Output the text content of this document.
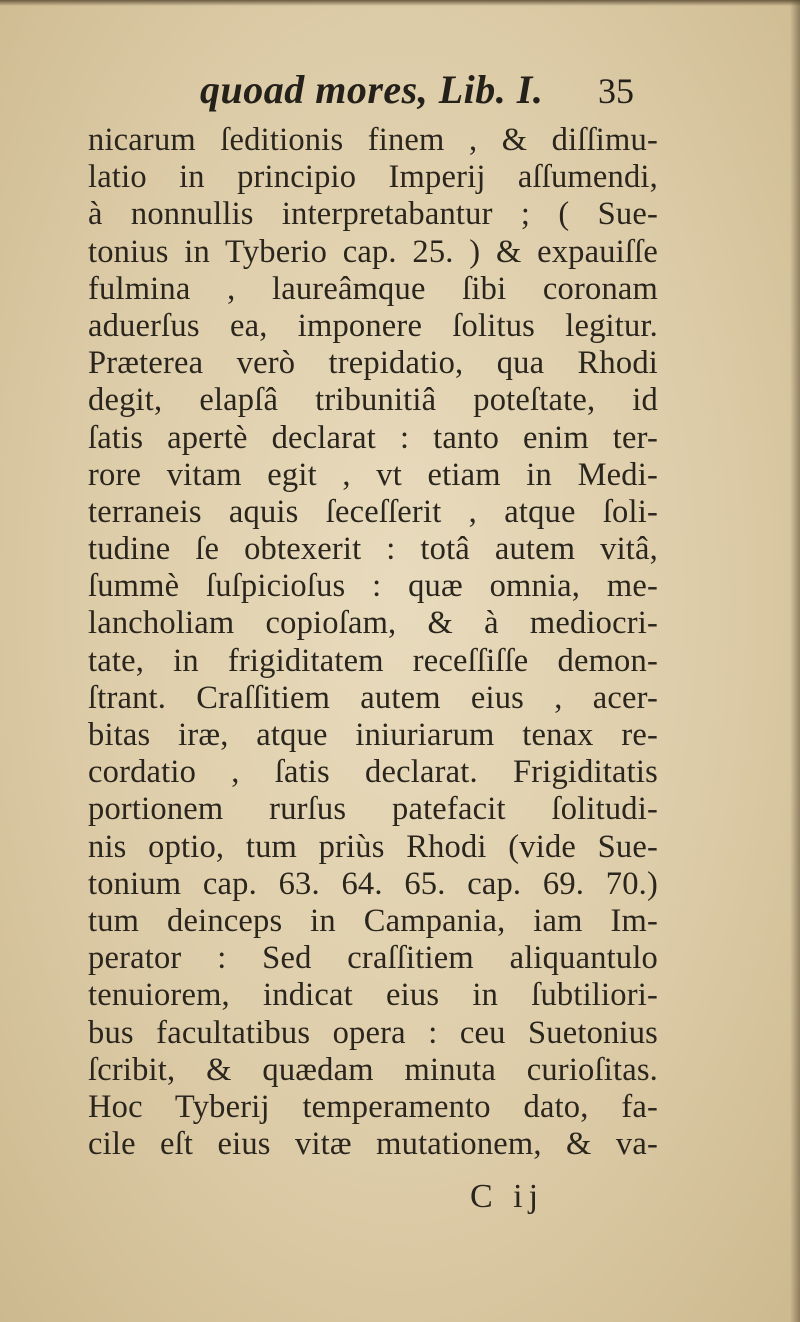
quoad mores, Lib. I. 35
nicarum ſeditionis finem , & diſſimu-
latio in principio Imperij aſſumendi,
à nonnullis interpretabantur ; ( Sue-
tonius in Tyberio cap. 25. ) & expauiſſe
fulmina , laureâmque ſibi coronam
aduerſus ea, imponere ſolitus legitur.
Præterea verò trepidatio, qua Rhodi
degit, elapſâ tribunitiâ poteſtate, id
ſatis apertè declarat : tanto enim ter-
rore vitam egit , vt etiam in Medi-
terraneis aquis ſeceſſerit , atque ſoli-
tudine ſe obtexerit : totâ autem vitâ,
ſummè ſuſpicioſus : quæ omnia, me-
lancholiam copioſam, & à mediocri-
tate, in frigiditatem receſſiſſe demon-
ſtrant. Craſſitiem autem eius , acer-
bitas iræ, atque iniuriarum tenax re-
cordatio , ſatis declarat. Frigiditatis
portionem rurſus patefacit ſolitudi-
nis optio, tum priùs Rhodi (vide Sue-
tonium cap. 63. 64. 65. cap. 69. 70.)
tum deinceps in Campania, iam Im-
perator : Sed craſſitiem aliquantulo
tenuiorem, indicat eius in ſubtiliori-
bus facultatibus opera : ceu Suetonius
ſcribit, & quædam minuta curioſitas.
Hoc Tyberij temperamento dato, fa-
cile eſt eius vitæ mutationem, & va-
C ij
